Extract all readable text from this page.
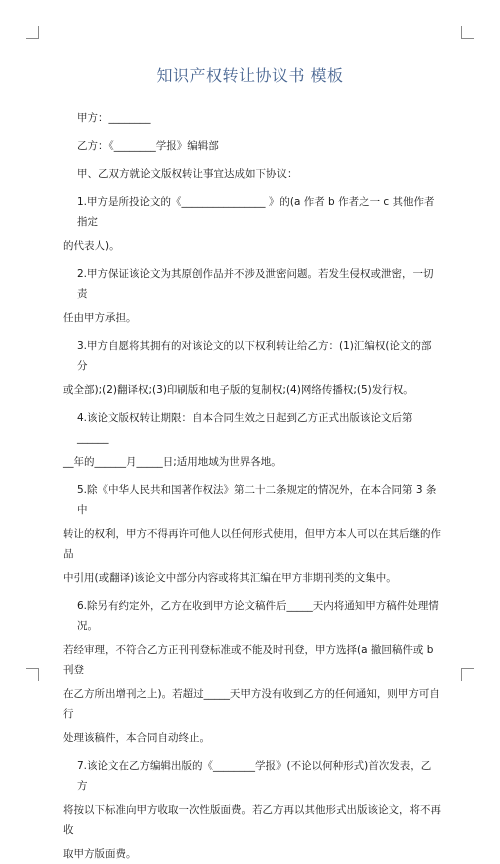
知识产权转让协议书 模板

甲方：________

乙方：《________学报》编辑部

甲、乙双方就论文版权转让事宜达成如下协议：

1.甲方是所投论文的《________________ 》的(a 作者 b 作者之一 c 其他作者指定

的代表人)。

2.甲方保证该论文为其原创作品并不涉及泄密问题。若发生侵权或泄密，一切责

任由甲方承担。

3.甲方自愿将其拥有的对该论文的以下权利转让给乙方：(1)汇编权(论文的部分

或全部);(2)翻译权;(3)印刷版和电子版的复制权;(4)网络传播权;(5)发行权。

4.该论文版权转让期限：自本合同生效之日起到乙方正式出版该论文后第 ______

__年的______月_____日;适用地域为世界各地。

5.除《中华人民共和国著作权法》第二十二条规定的情况外，在本合同第 3 条中

转让的权利，甲方不得再许可他人以任何形式使用，但甲方本人可以在其后继的作品

中引用(或翻译)该论文中部分内容或将其汇编在甲方非期刊类的文集中。

6.除另有约定外，乙方在收到甲方论文稿件后_____天内将通知甲方稿件处理情况。

若经审理，不符合乙方正刊刊登标准或不能及时刊登，甲方选择(a 撤回稿件或 b 刊登

在乙方所出增刊之上)。若超过_____天甲方没有收到乙方的任何通知，则甲方可自行

处理该稿件，本合同自动终止。

7.该论文在乙方编辑出版的《________学报》(不论以何种形式)首次发表，乙方

将按以下标准向甲方收取一次性版面费。若乙方再以其他形式出版该论文，将不再收

取甲方版面费。
